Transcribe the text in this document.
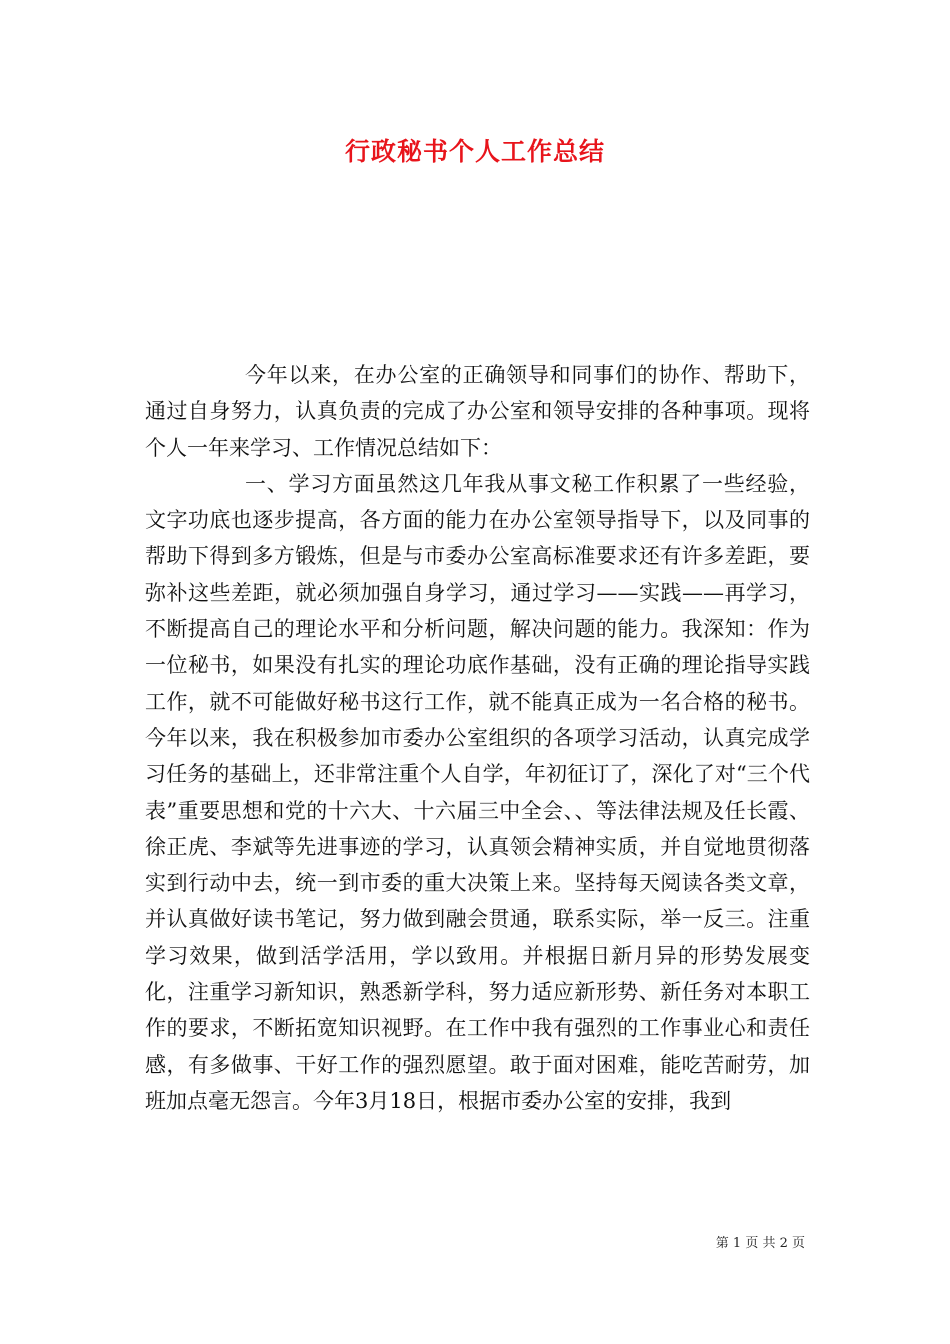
行政秘书个人工作总结

今年以来，在办公室的正确领导和同事们的协作、帮助下，通过自身努力，认真负责的完成了办公室和领导安排的各种事项。现将个人一年来学习、工作情况总结如下：

一、学习方面虽然这几年我从事文秘工作积累了一些经验，文字功底也逐步提高，各方面的能力在办公室领导指导下，以及同事的帮助下得到多方锻炼，但是与市委办公室高标准要求还有许多差距，要弥补这些差距，就必须加强自身学习，通过学习——实践——再学习，不断提高自己的理论水平和分析问题，解决问题的能力。我深知：作为一位秘书，如果没有扎实的理论功底作基础，没有正确的理论指导实践工作，就不可能做好秘书这行工作，就不能真正成为一名合格的秘书。今年以来，我在积极参加市委办公室组织的各项学习活动，认真完成学习任务的基础上，还非常注重个人自学，年初征订了，深化了对“三个代表”重要思想和党的十六大、十六届三中全会、、等法律法规及任长霞、徐正虎、李斌等先进事迹的学习，认真领会精神实质，并自觉地贯彻落实到行动中去，统一到市委的重大决策上来。坚持每天阅读各类文章，并认真做好读书笔记，努力做到融会贯通，联系实际，举一反三。注重学习效果，做到活学活用，学以致用。并根据日新月异的形势发展变化，注重学习新知识，熟悉新学科，努力适应新形势、新任务对本职工作的要求，不断拓宽知识视野。在工作中我有强烈的工作事业心和责任感，有多做事、干好工作的强烈愿望。敢于面对困难，能吃苦耐劳，加班加点毫无怨言。今年3月18日，根据市委办公室的安排，我到

第 1 页 共 2 页
